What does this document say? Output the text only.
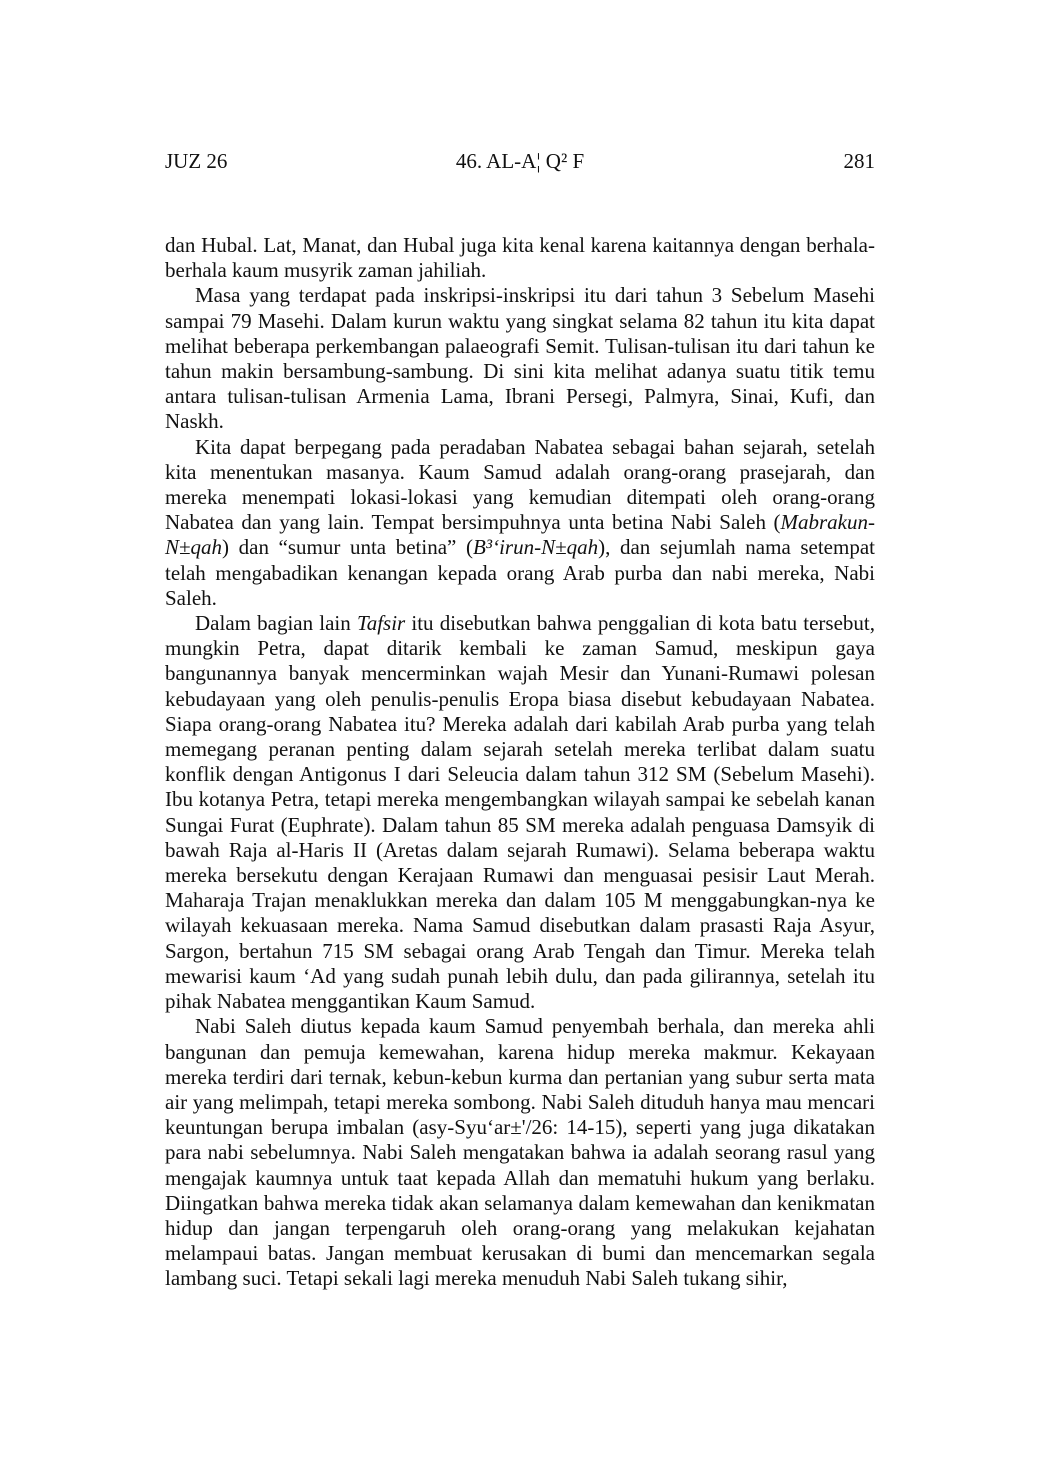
46. AL-A¦ Q² F
JUZ 26	281

dan Hubal. Lat, Manat, dan Hubal juga kita kenal karena kaitannya dengan berhala-berhala kaum musyrik zaman jahiliah.

Masa yang terdapat pada inskripsi-inskripsi itu dari tahun 3 Sebelum Masehi sampai 79 Masehi. Dalam kurun waktu yang singkat selama 82 tahun itu kita dapat melihat beberapa perkembangan palaeografi Semit. Tulisan-tulisan itu dari tahun ke tahun makin bersambung-sambung. Di sini kita melihat adanya suatu titik temu antara tulisan-tulisan Armenia Lama, Ibrani Persegi, Palmyra, Sinai, Kufi, dan Naskh.

Kita dapat berpegang pada peradaban Nabatea sebagai bahan sejarah, setelah kita menentukan masanya. Kaum Samud adalah orang-orang prasejarah, dan mereka menempati lokasi-lokasi yang kemudian ditempati oleh orang-orang Nabatea dan yang lain. Tempat bersimpuhnya unta betina Nabi Saleh (Mabrakun-N±qah) dan “sumur unta betina” (B³‘irun-N±qah), dan sejumlah nama setempat telah mengabadikan kenangan kepada orang Arab purba dan nabi mereka, Nabi Saleh.

Dalam bagian lain Tafsir itu disebutkan bahwa penggalian di kota batu tersebut, mungkin Petra, dapat ditarik kembali ke zaman Samud, meskipun gaya bangunannya banyak mencerminkan wajah Mesir dan Yunani-Rumawi polesan kebudayaan yang oleh penulis-penulis Eropa biasa disebut kebudayaan Nabatea. Siapa orang-orang Nabatea itu? Mereka adalah dari kabilah Arab purba yang telah memegang peranan penting dalam sejarah setelah mereka terlibat dalam suatu konflik dengan Antigonus I dari Seleucia dalam tahun 312 SM (Sebelum Masehi). Ibu kotanya Petra, tetapi mereka mengembangkan wilayah sampai ke sebelah kanan Sungai Furat (Euphrate). Dalam tahun 85 SM mereka adalah penguasa Damsyik di bawah Raja al-Haris II (Aretas dalam sejarah Rumawi). Selama beberapa waktu mereka bersekutu dengan Kerajaan Rumawi dan menguasai pesisir Laut Merah. Maharaja Trajan menaklukkan mereka dan dalam 105 M menggabungkan-nya ke wilayah kekuasaan mereka. Nama Samud disebutkan dalam prasasti Raja Asyur, Sargon, bertahun 715 SM sebagai orang Arab Tengah dan Timur. Mereka telah mewarisi kaum ‘Ad yang sudah punah lebih dulu, dan pada gilirannya, setelah itu pihak Nabatea menggantikan Kaum Samud.

Nabi Saleh diutus kepada kaum Samud penyembah berhala, dan mereka ahli bangunan dan pemuja kemewahan, karena hidup mereka makmur. Kekayaan mereka terdiri dari ternak, kebun-kebun kurma dan pertanian yang subur serta mata air yang melimpah, tetapi mereka sombong. Nabi Saleh dituduh hanya mau mencari keuntungan berupa imbalan (asy-Syu‘ar±'/26: 14-15), seperti yang juga dikatakan para nabi sebelumnya. Nabi Saleh mengatakan bahwa ia adalah seorang rasul yang mengajak kaumnya untuk taat kepada Allah dan mematuhi hukum yang berlaku. Diingatkan bahwa mereka tidak akan selamanya dalam kemewahan dan kenikmatan hidup dan jangan terpengaruh oleh orang-orang yang melakukan kejahatan melampaui batas. Jangan membuat kerusakan di bumi dan mencemarkan segala lambang suci. Tetapi sekali lagi mereka menuduh Nabi Saleh tukang sihir,
